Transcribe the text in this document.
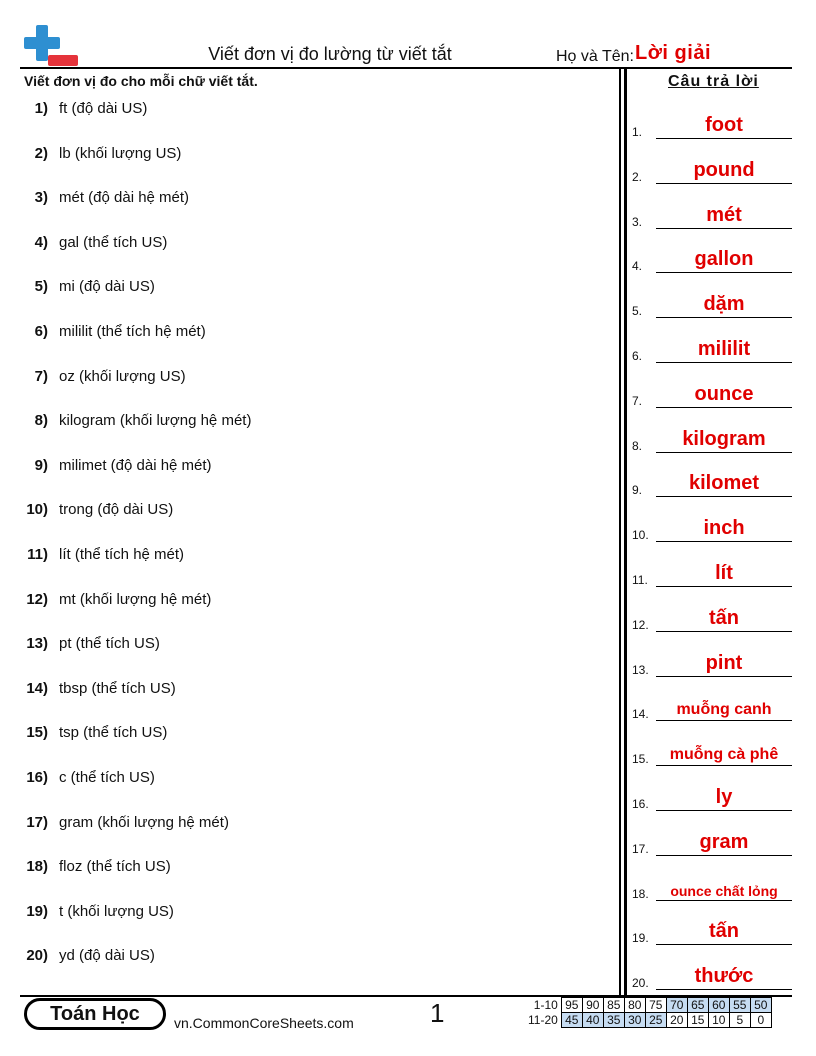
Viết đơn vị đo lường từ viết tắt	Họ và Tên: Lời giải
Viết đơn vị đo cho mỗi chữ viết tắt.	Câu trả lời
1) ft (độ dài US)
2) lb (khối lượng US)
3) mét (độ dài hệ mét)
4) gal (thể tích US)
5) mi (độ dài US)
6) mililit (thể tích hệ mét)
7) oz (khối lượng US)
8) kilogram (khối lượng hệ mét)
9) milimet (độ dài hệ mét)
10) trong (độ dài US)
11) lít (thể tích hệ mét)
12) mt (khối lượng hệ mét)
13) pt (thể tích US)
14) tbsp (thể tích US)
15) tsp (thể tích US)
16) c (thể tích US)
17) gram (khối lượng hệ mét)
18) floz (thể tích US)
19) t (khối lượng US)
20) yd (độ dài US)
1.	foot
2.	pound
3.	mét
4.	gallon
5.	dặm
6.	mililit
7.	ounce
8.	kilogram
9.	kilomet
10.	inch
11.	lít
12.	tấn
13.	pint
14.	muỗng canh
15.	muỗng cà phê
16.	ly
17.	gram
18.	ounce chất lỏng
19.	tấn
20.	thước
Toán Học	vn.CommonCoreSheets.com	1	1-10	95	90	85	80	75	70	65	60	55	50
11-20	45	40	35	30	25	20	15	10	5	0
